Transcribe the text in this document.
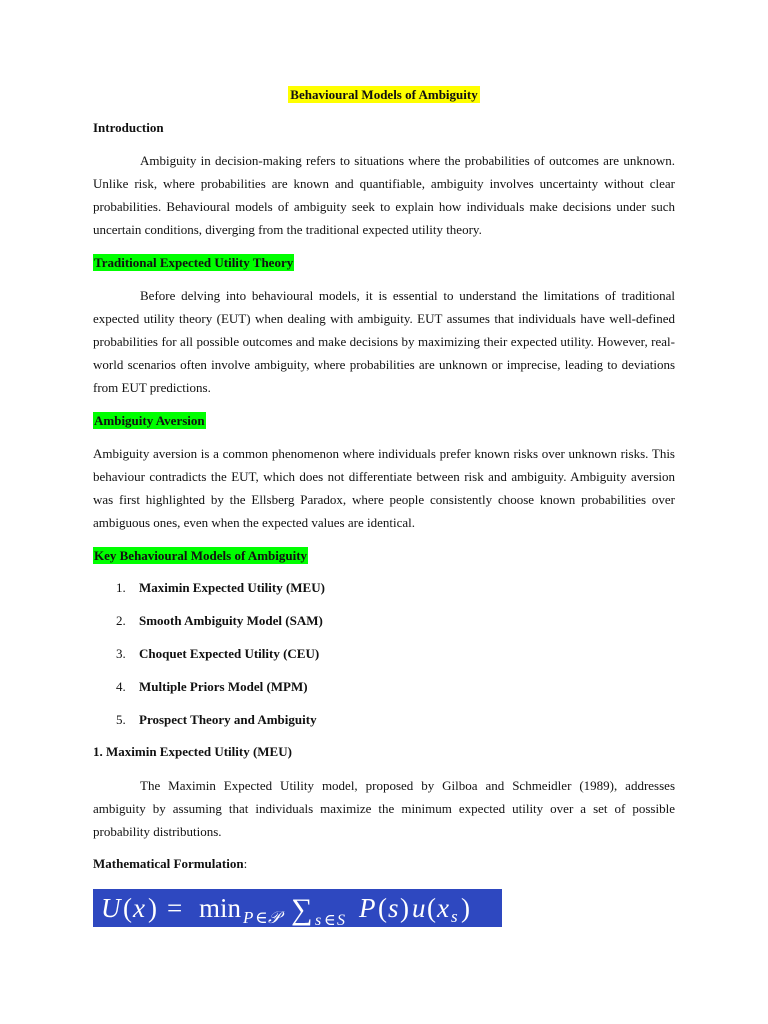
Behavioural Models of Ambiguity
Introduction

Ambiguity in decision-making refers to situations where the probabilities of outcomes are unknown. Unlike risk, where probabilities are known and quantifiable, ambiguity involves uncertainty without clear probabilities. Behavioural models of ambiguity seek to explain how individuals make decisions under such uncertain conditions, diverging from the traditional expected utility theory.

Traditional Expected Utility Theory

Before delving into behavioural models, it is essential to understand the limitations of traditional expected utility theory (EUT) when dealing with ambiguity. EUT assumes that individuals have well-defined probabilities for all possible outcomes and make decisions by maximizing their expected utility. However, real-world scenarios often involve ambiguity, where probabilities are unknown or imprecise, leading to deviations from EUT predictions.

Ambiguity Aversion

Ambiguity aversion is a common phenomenon where individuals prefer known risks over unknown risks. This behaviour contradicts the EUT, which does not differentiate between risk and ambiguity. Ambiguity aversion was first highlighted by the Ellsberg Paradox, where people consistently choose known probabilities over ambiguous ones, even when the expected values are identical.

Key Behavioural Models of Ambiguity
1. Maximin Expected Utility (MEU)
2. Smooth Ambiguity Model (SAM)
3. Choquet Expected Utility (CEU)
4. Multiple Priors Model (MPM)
5. Prospect Theory and Ambiguity
1. Maximin Expected Utility (MEU)

The Maximin Expected Utility model, proposed by Gilboa and Schmeidler (1989), addresses ambiguity by assuming that individuals maximize the minimum expected utility over a set of possible probability distributions.

Mathematical Formulation:
U ( x ) = min P ∈ 𝒫 ∑ s ∈ S P ( s ) u ( x s )
